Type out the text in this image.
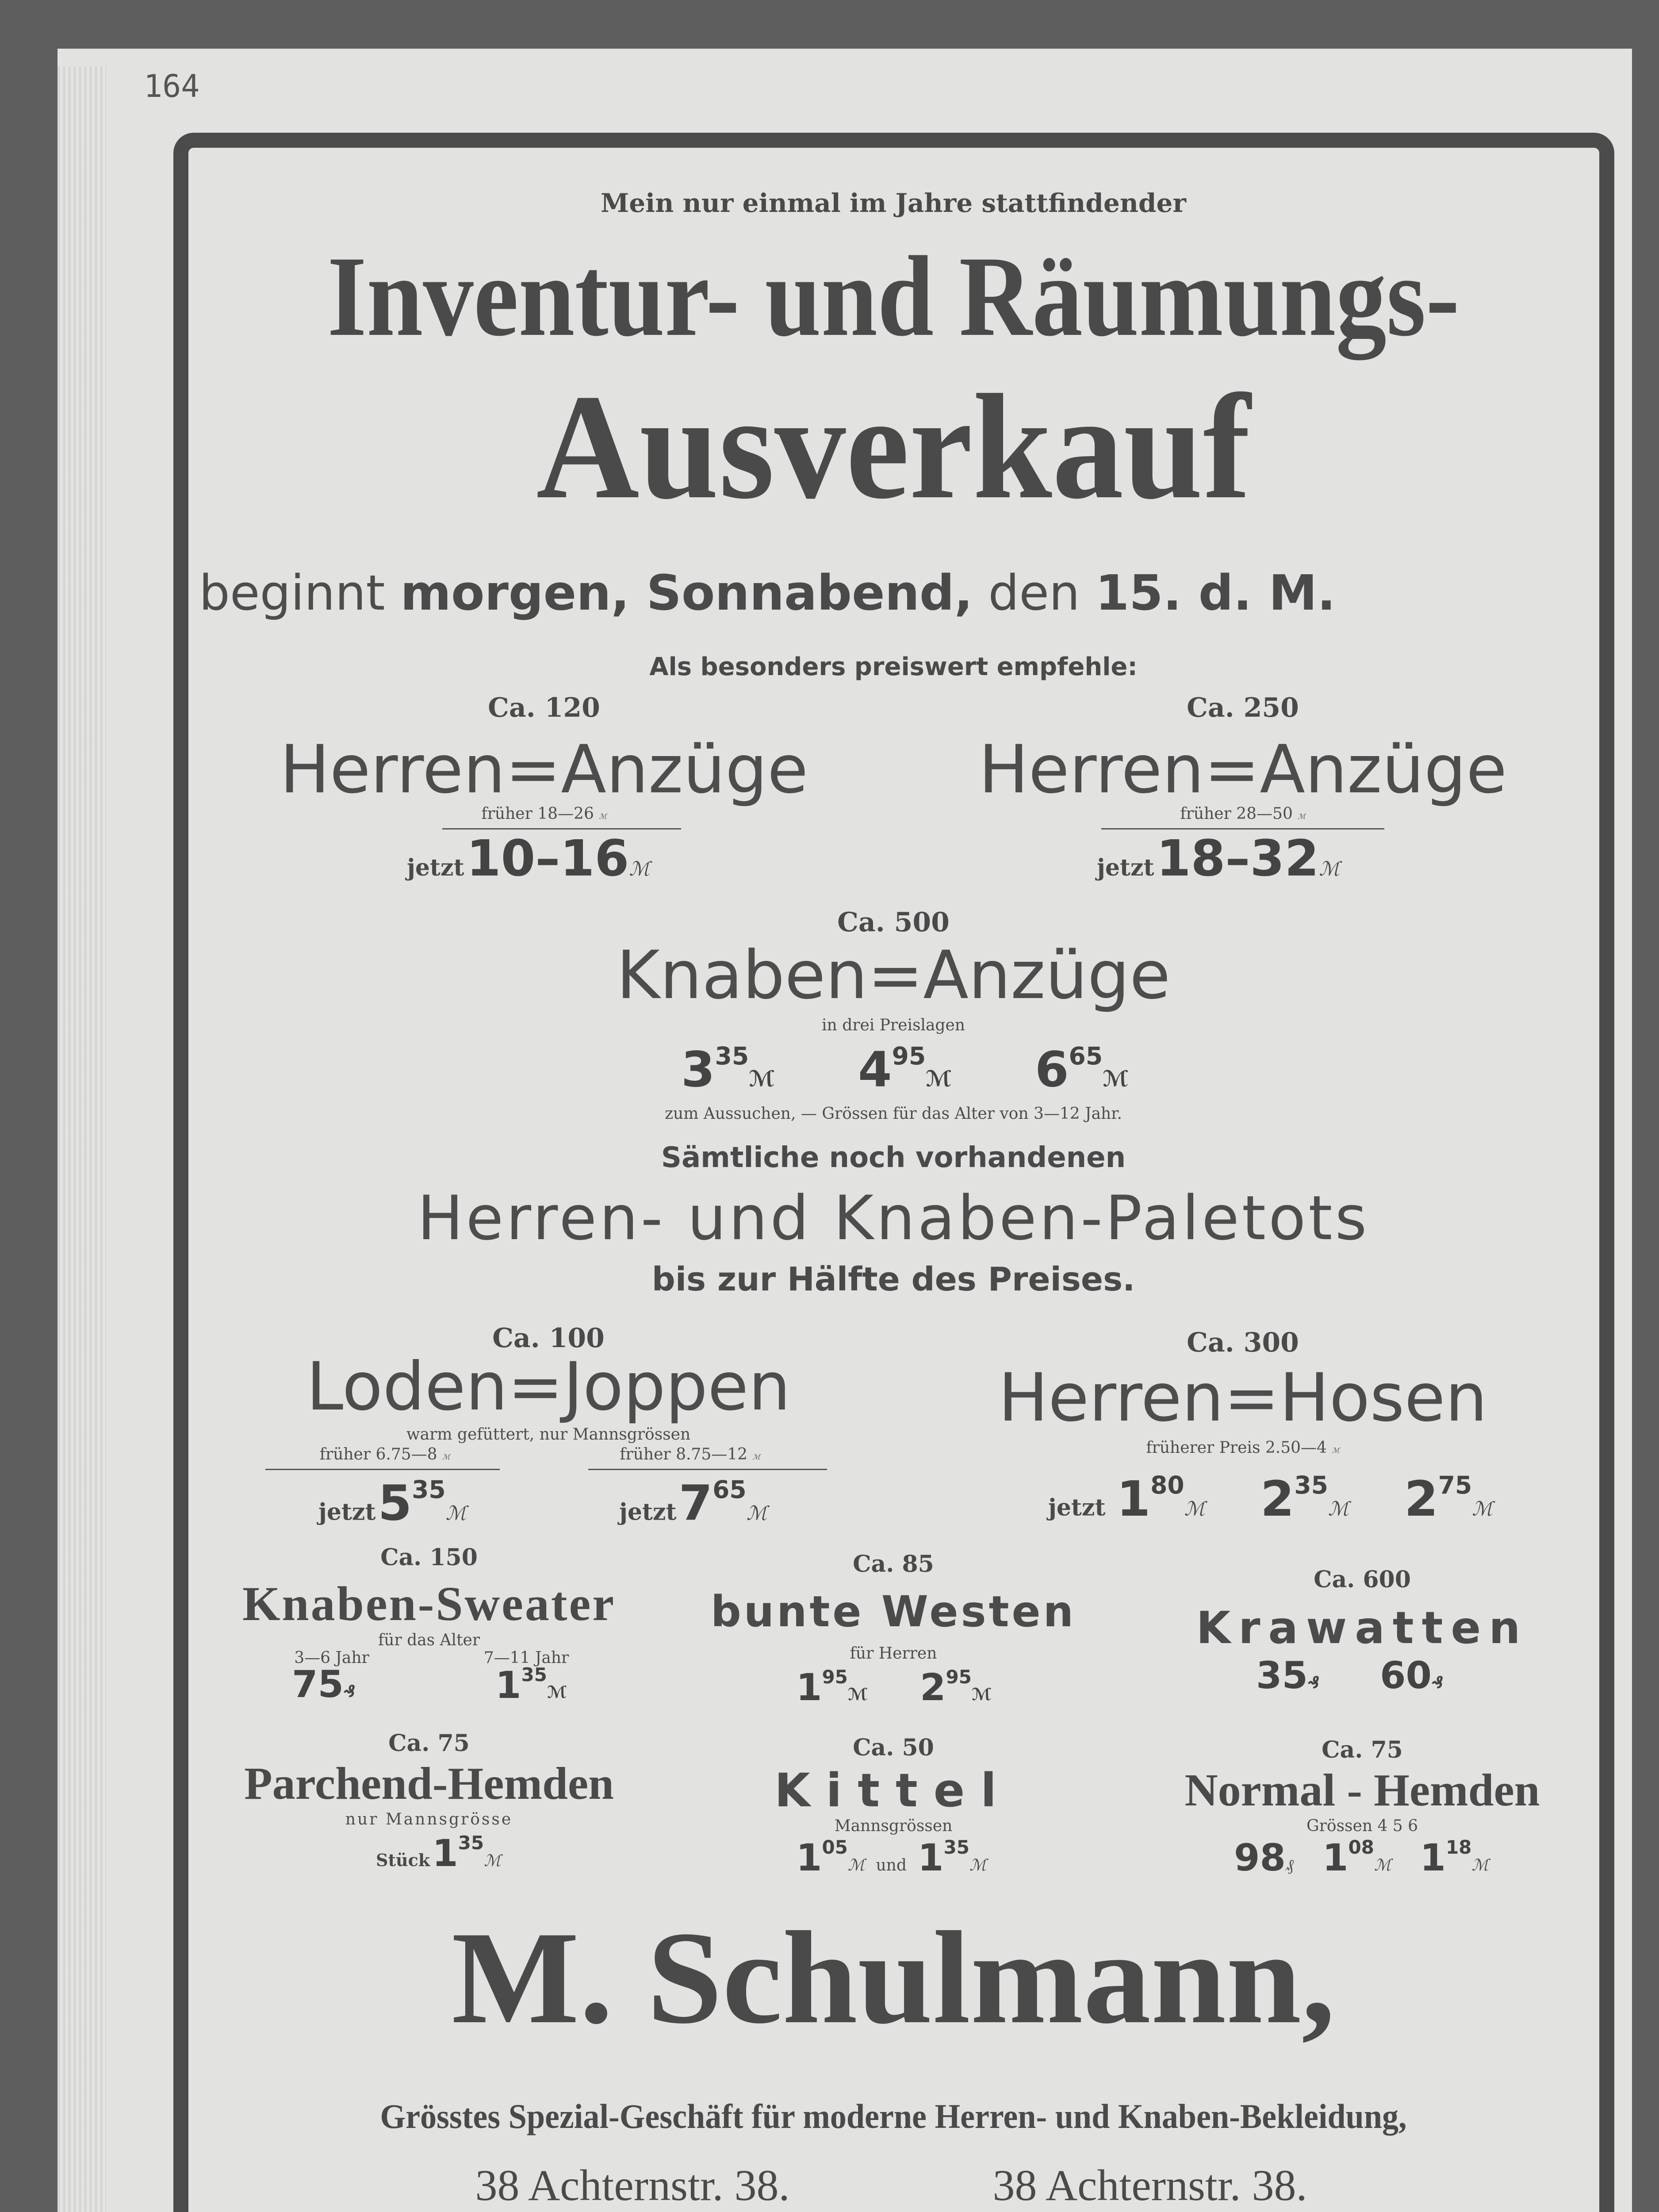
164
Mein nur einmal im Jahre stattfindender
Inventur- und Räumungs-
Ausverkauf
beginnt morgen, Sonnabend, den 15. d. M.
Als besonders preiswert empfehle:
Ca. 120
Herren=Anzüge
früher 18—26 ℳ
jetzt 10–16ℳ
Ca. 250
Herren=Anzüge
früher 28—50 ℳ
jetzt 18–32ℳ
Ca. 500
Knaben=Anzüge
in drei Preislagen
$3^{35}ℳ$ $4^{95}ℳ$ $6^{65}ℳ$
zum Aussuchen, — Grössen für das Alter von 3—12 Jahr.
Sämtliche noch vorhandenen
Herren- und Knaben-Paletots
bis zur Hälfte des Preises.
Ca. 100
Loden=Joppen
warm gefüttert, nur Mannsgrössen
früher 6.75—8 ℳ	früher 8.75—12 ℳ
jetzt 535ℳ	jetzt 765ℳ
Ca. 300
Herren=Hosen
früherer Preis 2.50—4 ℳ
jetzt 180ℳ 235ℳ 275ℳ
Ca. 150
Knaben-Sweater
für das Alter
3—6 Jahr	7—11 Jahr
75₰	$1^{35}ℳ$
Ca. 85
bunte Westen
für Herren
$1^{95}ℳ$ $2^{95}ℳ$
Ca. 600
Krawatten
35₰ 60₰
Ca. 75
Parchend-Hemden
nur Mannsgrösse
Stück 135ℳ
Ca. 50
Kittel
Mannsgrössen
105ℳ und 135ℳ
Ca. 75
Normal - Hemden
Grössen 4 5 6
98₰ 108ℳ 118ℳ
M. Schulmann,
Grösstes Spezial-Geschäft für moderne Herren- und Knaben-Bekleidung,
38 Achternstr. 38.	38 Achternstr. 38.
